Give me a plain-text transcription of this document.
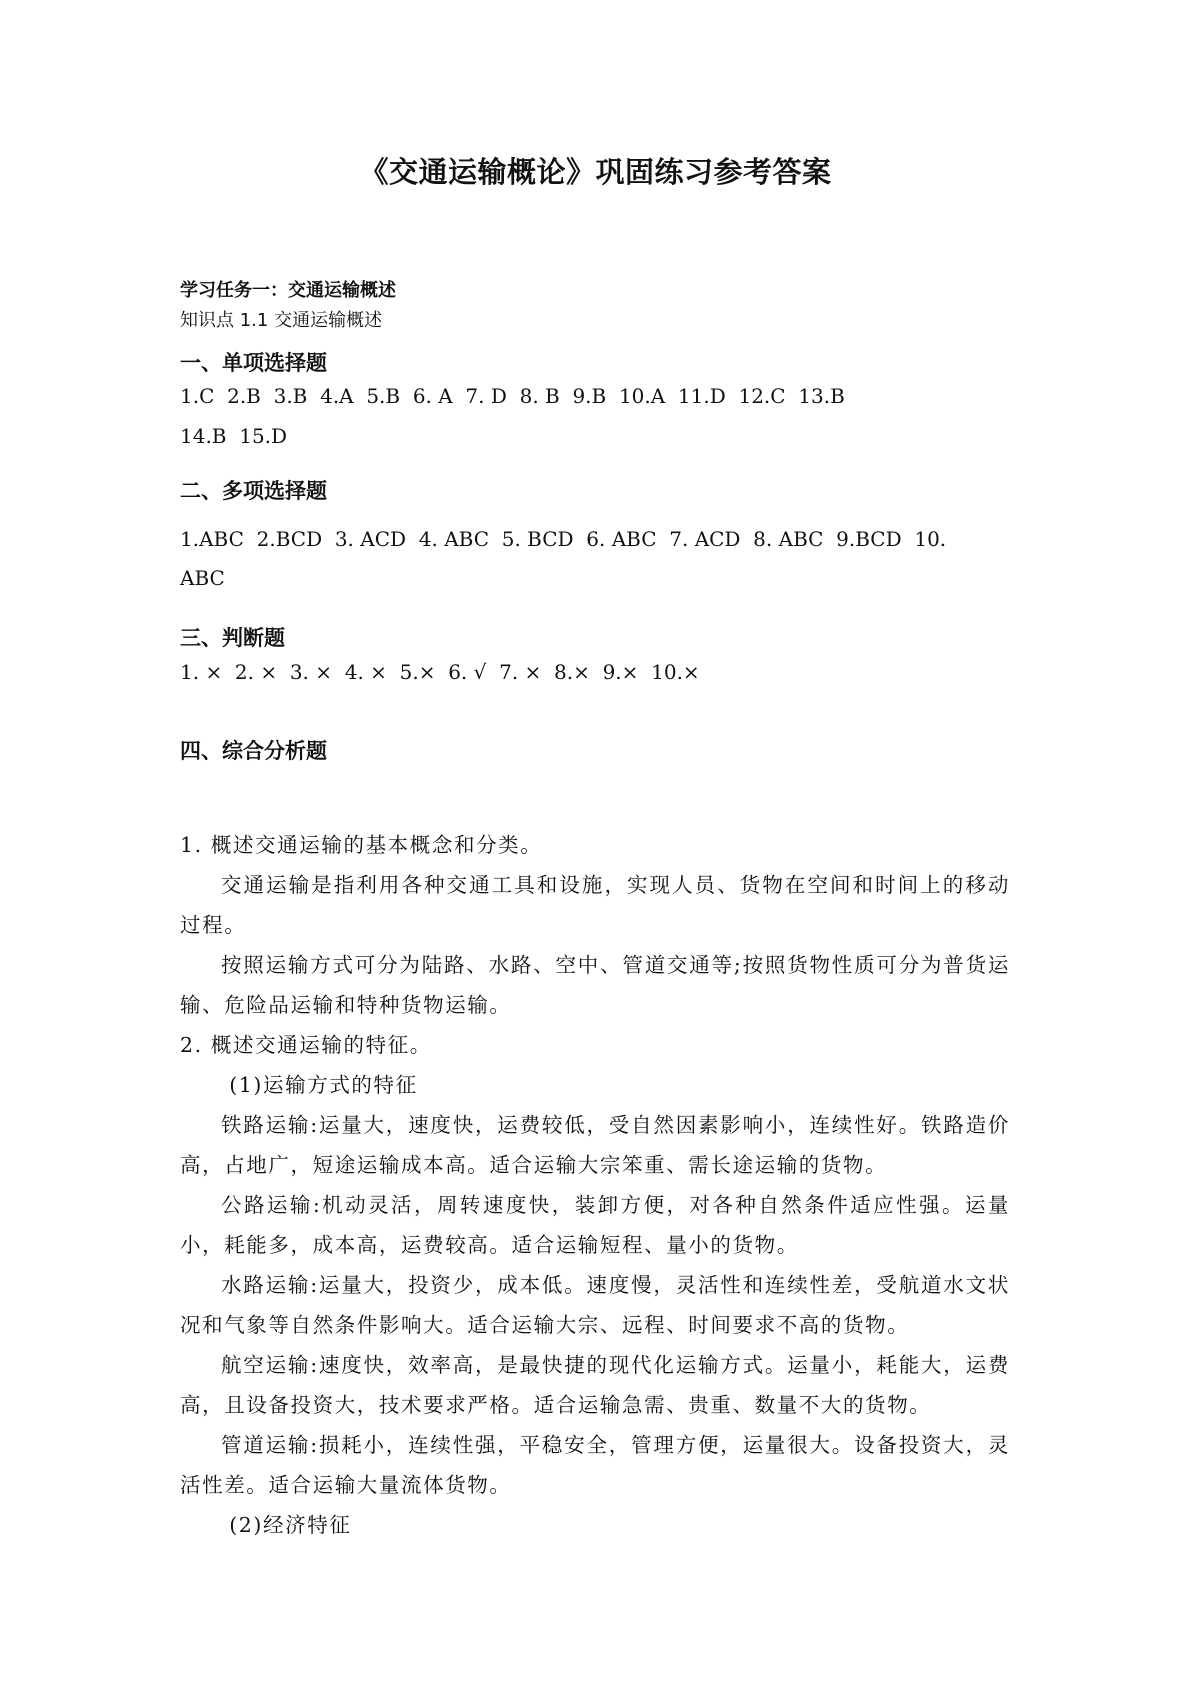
《交通运输概论》巩固练习参考答案
学习任务一：交通运输概述
知识点 1.1 交通运输概述
一、单项选择题
1.C  2.B  3.B  4.A  5.B  6. A  7. D  8. B  9.B  10.A  11.D  12.C  13.B
14.B  15.D
二、多项选择题
1.ABC  2.BCD  3. ACD  4. ABC  5. BCD  6. ABC  7. ACD  8. ABC  9.BCD  10.
ABC
三、判断题
1. ×  2. ×  3. ×  4. ×  5.×  6. √  7. ×  8.×  9.×  10.×
四、综合分析题

1. 概述交通运输的基本概念和分类。

交通运输是指利用各种交通工具和设施，实现人员、货物在空间和时间上的移动过程。

按照运输方式可分为陆路、水路、空中、管道交通等;按照货物性质可分为普货运输、危险品运输和特种货物运输。

2. 概述交通运输的特征。

(1)运输方式的特征

铁路运输:运量大，速度快，运费较低，受自然因素影响小，连续性好。铁路造价高，占地广，短途运输成本高。适合运输大宗笨重、需长途运输的货物。

公路运输:机动灵活，周转速度快，装卸方便，对各种自然条件适应性强。运量小，耗能多，成本高，运费较高。适合运输短程、量小的货物。

水路运输:运量大，投资少，成本低。速度慢，灵活性和连续性差，受航道水文状况和气象等自然条件影响大。适合运输大宗、远程、时间要求不高的货物。

航空运输:速度快，效率高，是最快捷的现代化运输方式。运量小，耗能大，运费高，且设备投资大，技术要求严格。适合运输急需、贵重、数量不大的货物。

管道运输:损耗小，连续性强，平稳安全，管理方便，运量很大。设备投资大，灵活性差。适合运输大量流体货物。

(2)经济特征
